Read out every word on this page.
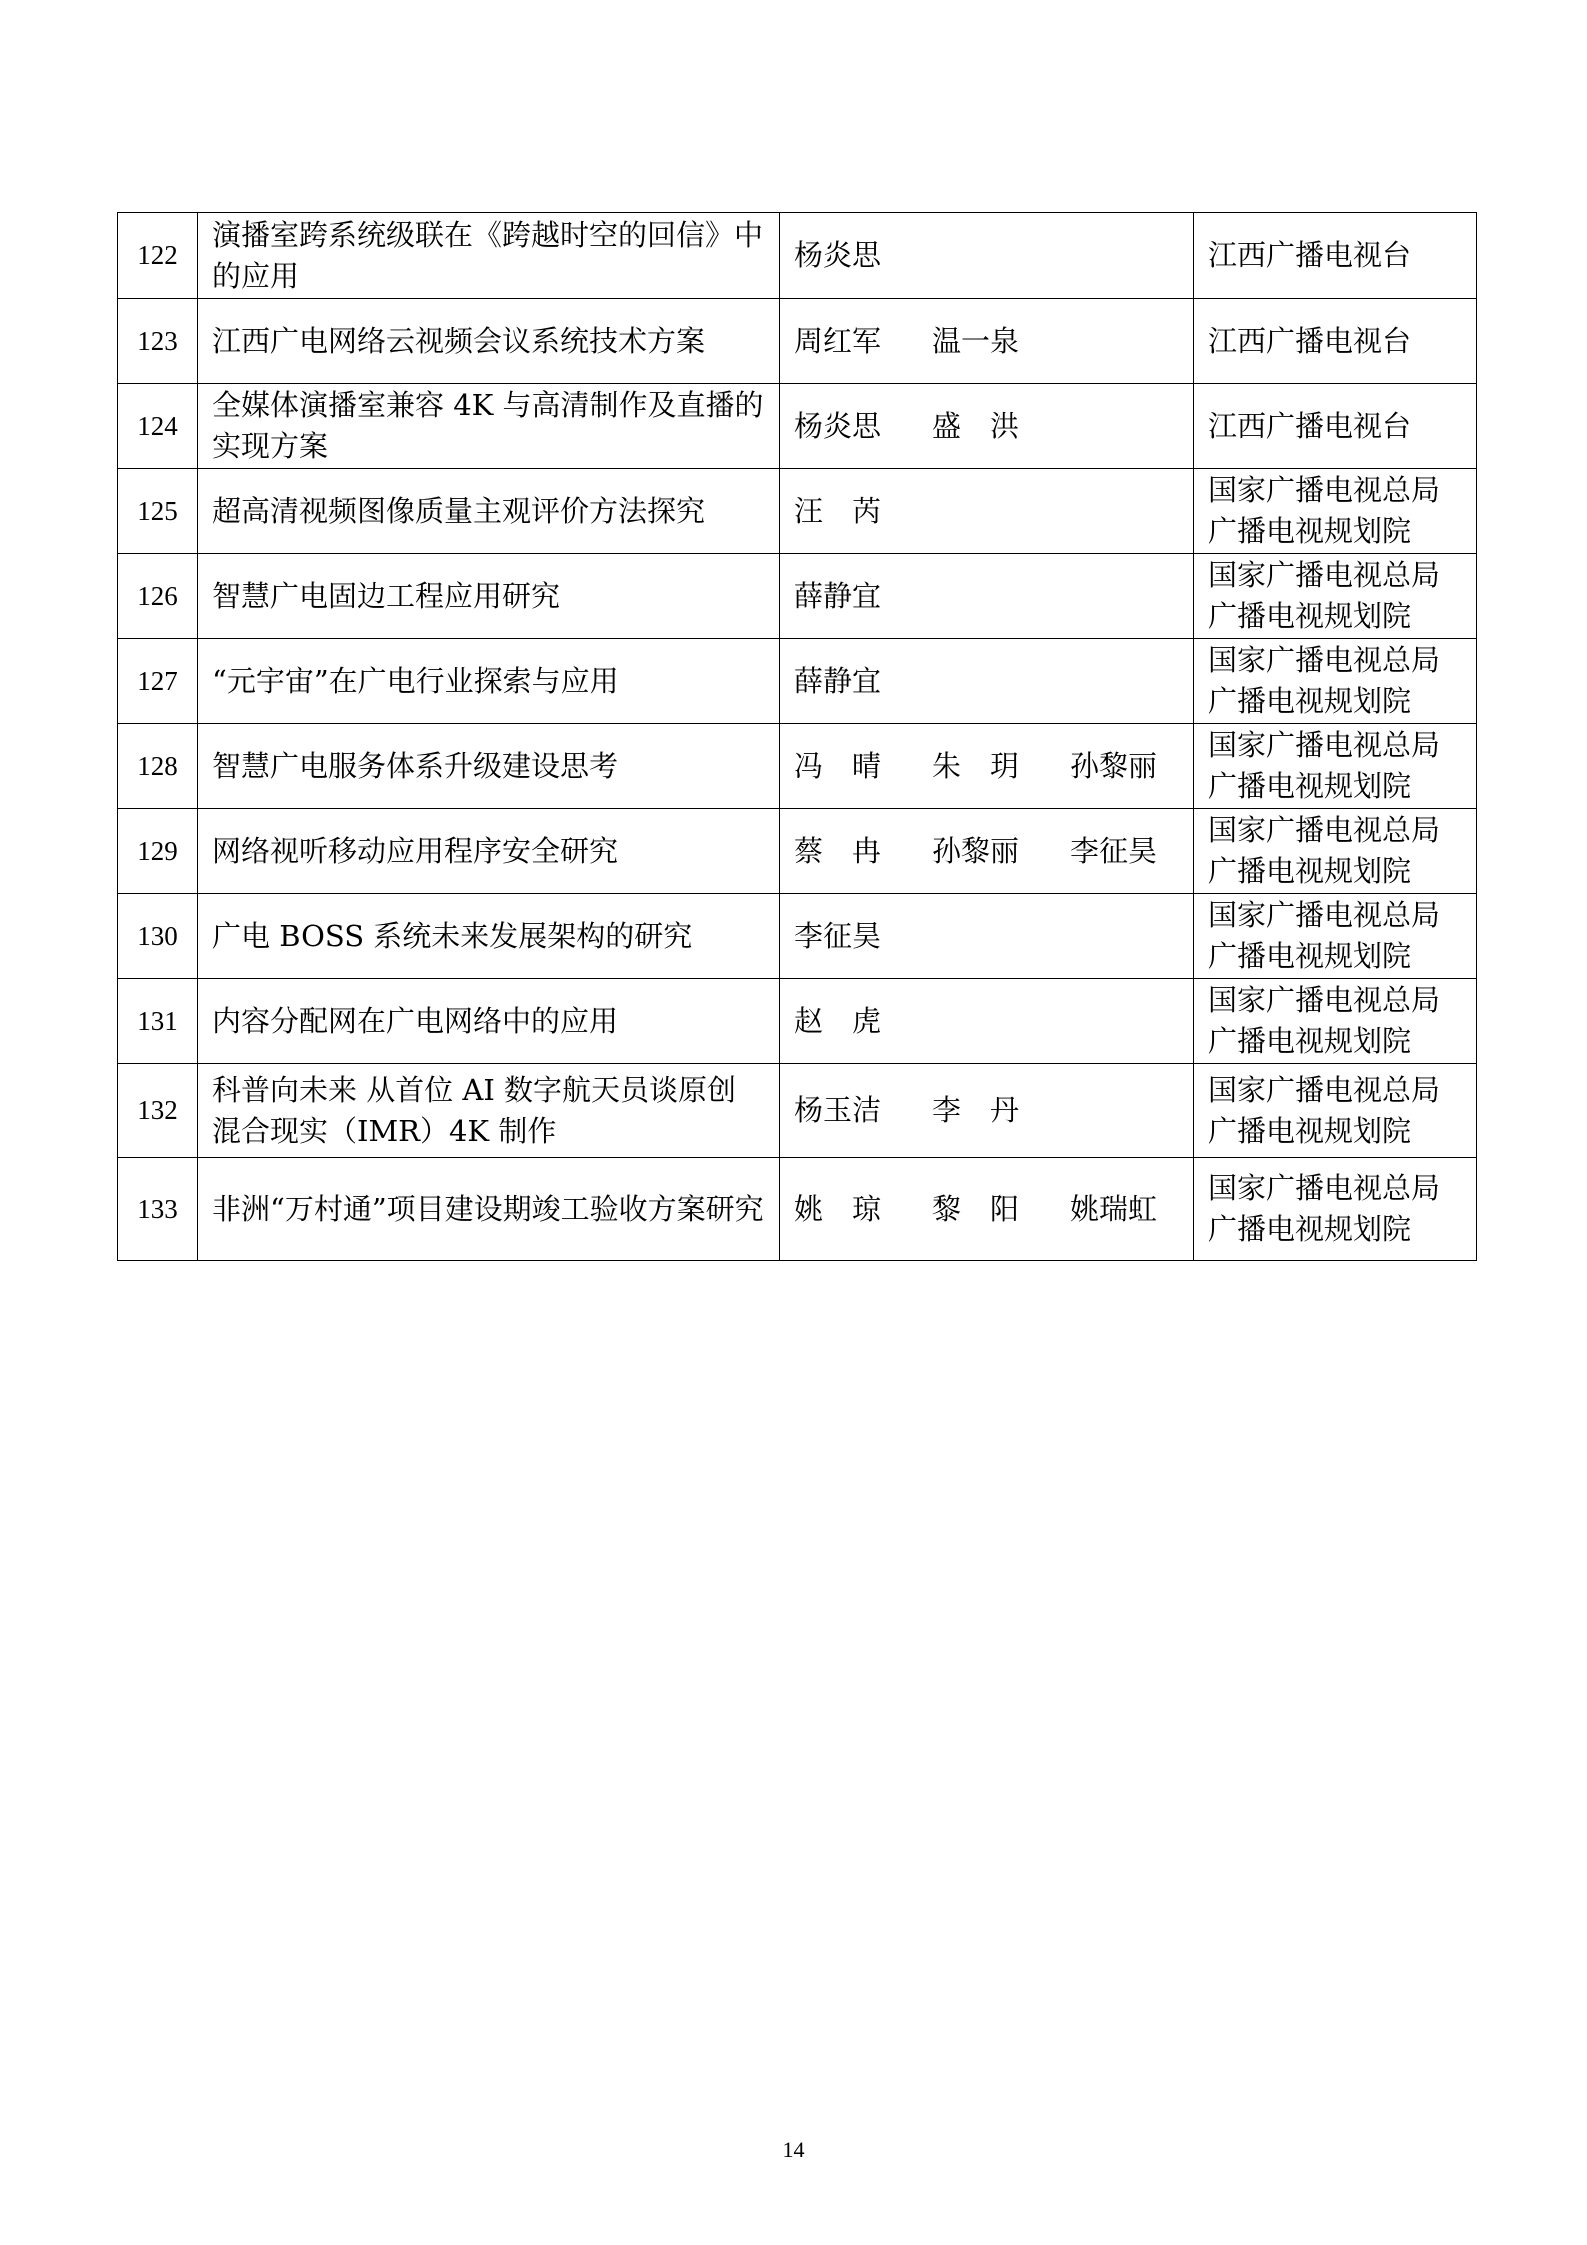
122	演播室跨系统级联在《跨越时空的回信》中的应用	杨炎思	江西广播电视台
123	江西广电网络云视频会议系统技术方案	周红军 温一泉	江西广播电视台
124	全媒体演播室兼容 4K 与高清制作及直播的实现方案	杨炎思 盛　洪	江西广播电视台
125	超高清视频图像质量主观评价方法探究	汪　芮	国家广播电视总局广播电视规划院
126	智慧广电固边工程应用研究	薛静宜	国家广播电视总局广播电视规划院
127	“元宇宙”在广电行业探索与应用	薛静宜	国家广播电视总局广播电视规划院
128	智慧广电服务体系升级建设思考	冯　晴 朱　玥 孙黎丽	国家广播电视总局广播电视规划院
129	网络视听移动应用程序安全研究	蔡　冉 孙黎丽 李征昊	国家广播电视总局广播电视规划院
130	广电 BOSS 系统未来发展架构的研究	李征昊	国家广播电视总局广播电视规划院
131	内容分配网在广电网络中的应用	赵　虎	国家广播电视总局广播电视规划院
132	科普向未来 从首位 AI 数字航天员谈原创混合现实（IMR）4K 制作	杨玉洁 李　丹	国家广播电视总局广播电视规划院
133	非洲“万村通”项目建设期竣工验收方案研究	姚　琼 黎　阳 姚瑞虹	国家广播电视总局广播电视规划院
14
